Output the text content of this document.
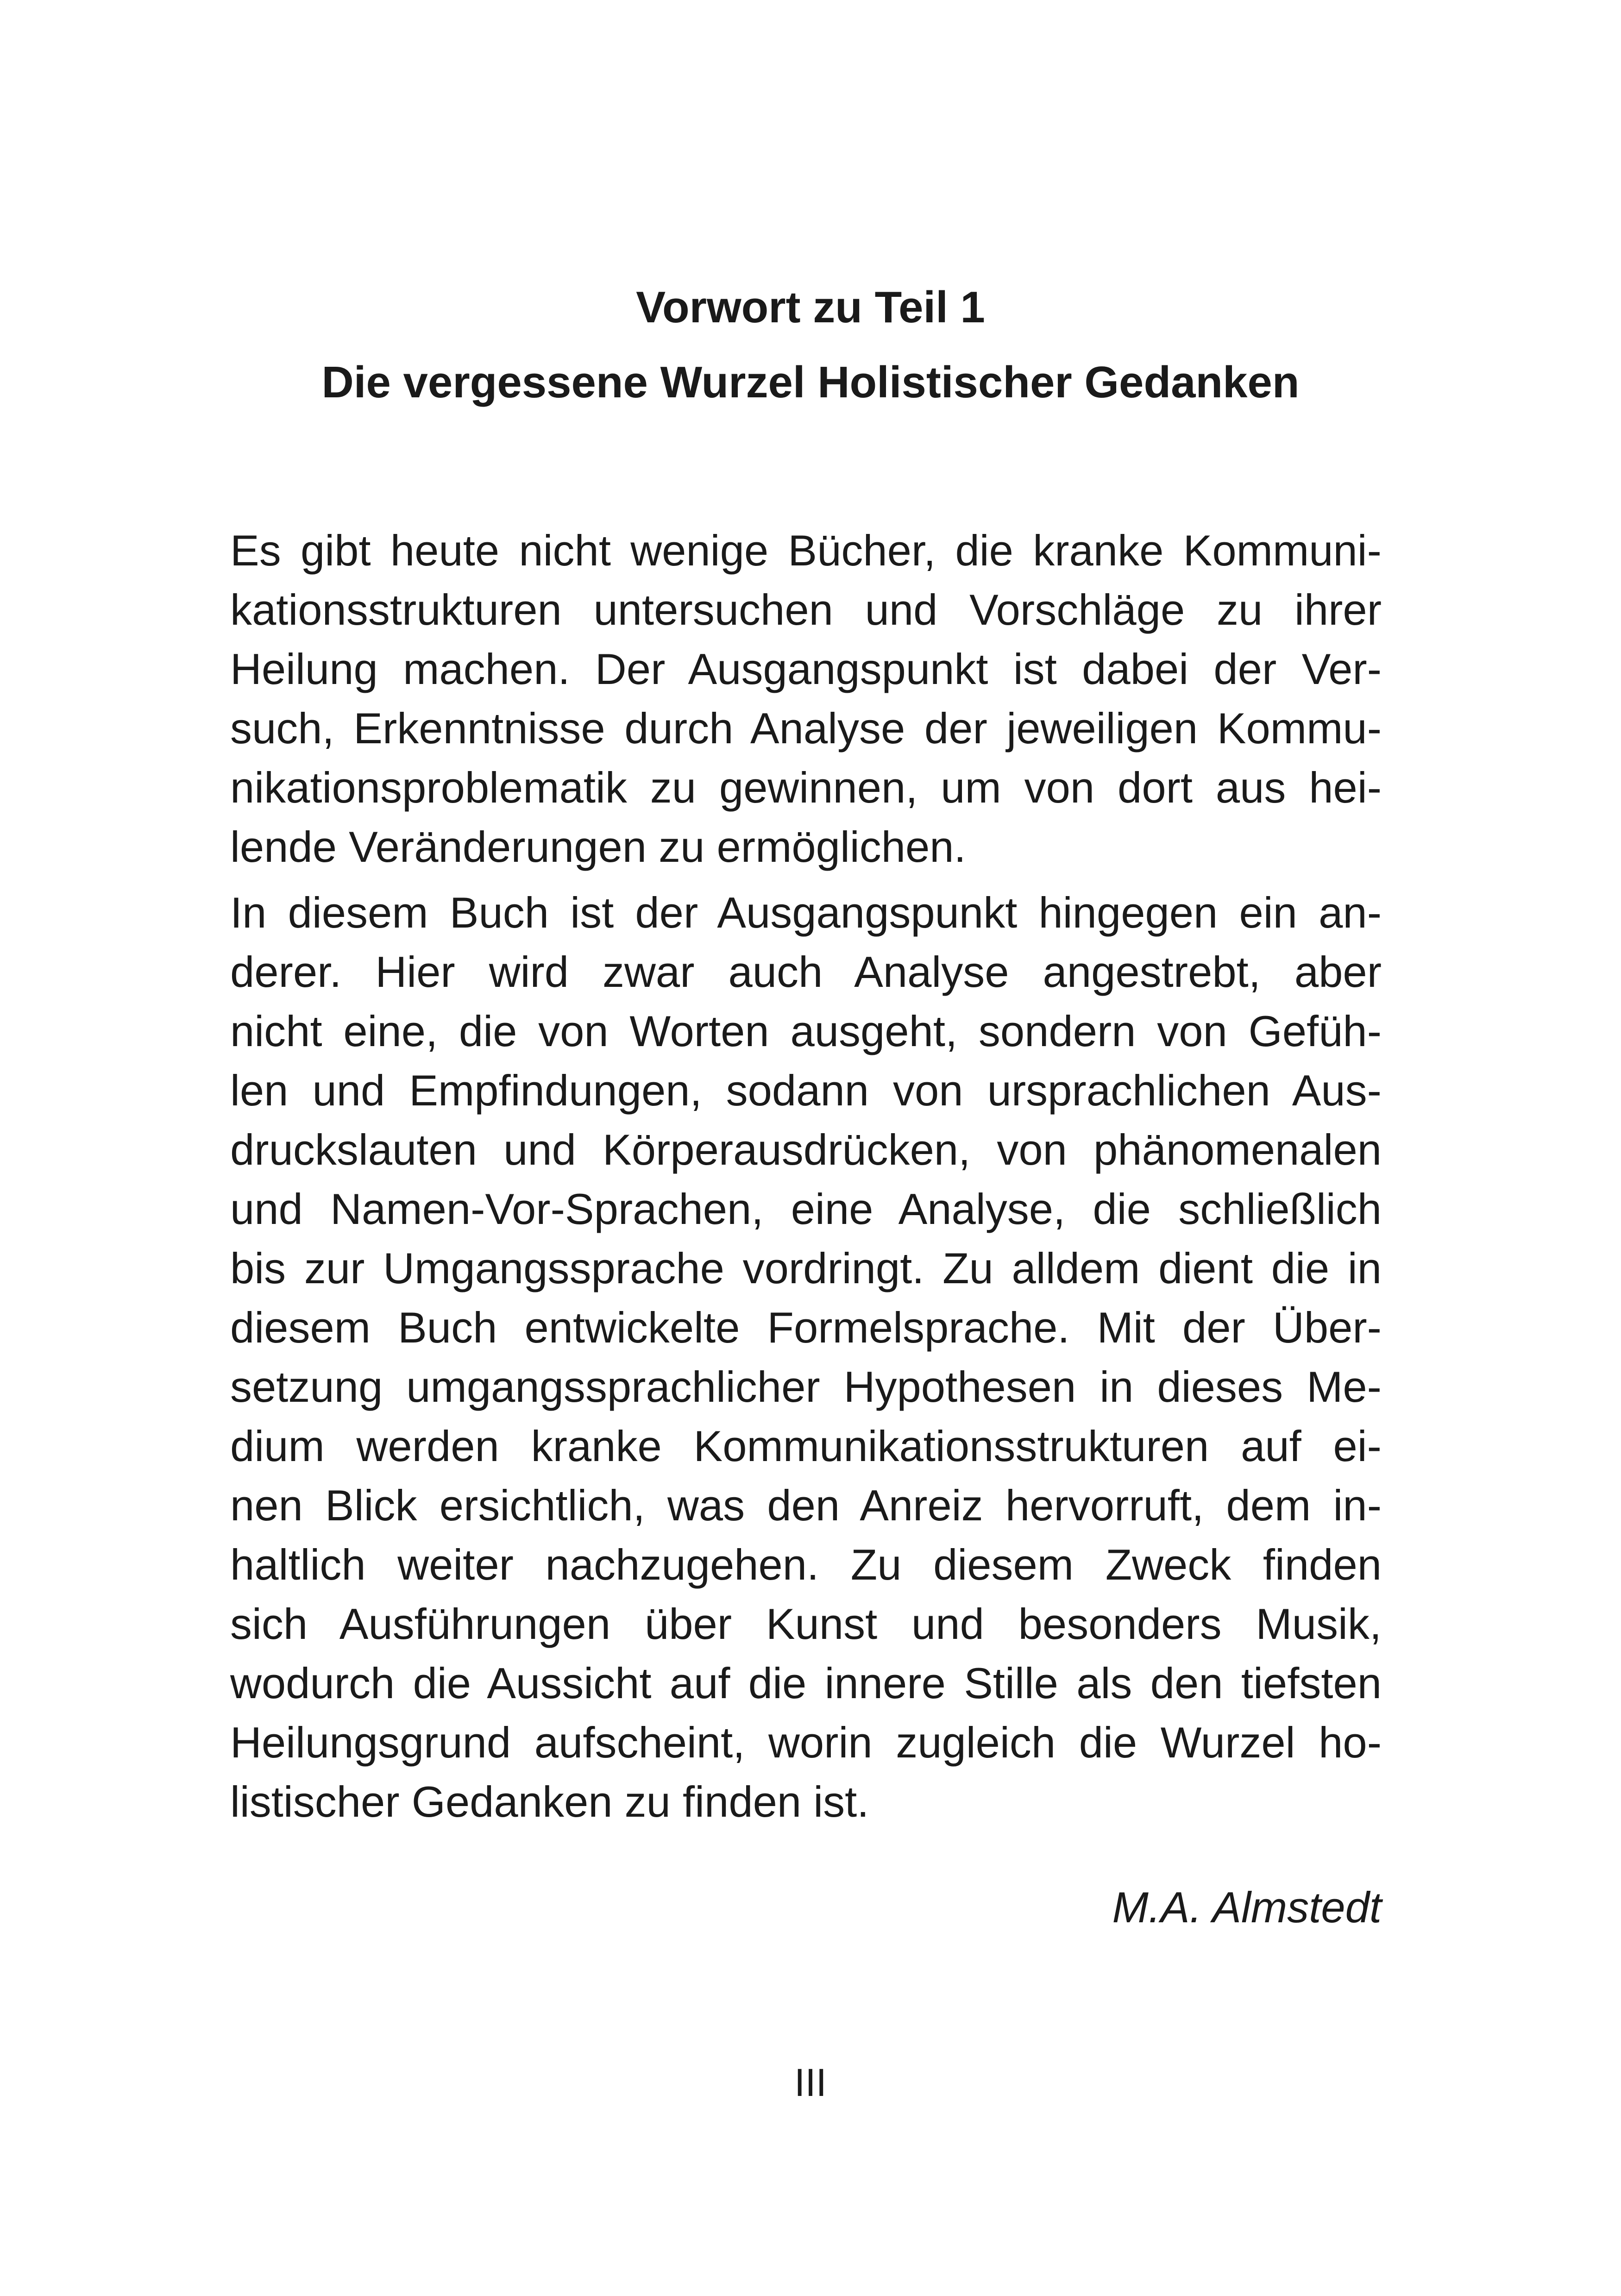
Vorwort zu Teil 1
Die vergessene Wurzel Holistischer Gedanken
Es gibt heute nicht wenige Bücher, die kranke Kommuni-
kationsstrukturen untersuchen und Vorschläge zu ihrer
Heilung machen. Der Ausgangspunkt ist dabei der Ver-
such, Erkenntnisse durch Analyse der jeweiligen Kommu-
nikationsproblematik zu gewinnen, um von dort aus hei-
lende Veränderungen zu ermöglichen.
In diesem Buch ist der Ausgangspunkt hingegen ein an-
derer. Hier wird zwar auch Analyse angestrebt, aber
nicht eine, die von Worten ausgeht, sondern von Gefüh-
len und Empfindungen, sodann von ursprachlichen Aus-
druckslauten und Körperausdrücken, von phänomenalen
und Namen-Vor-Sprachen, eine Analyse, die schließlich
bis zur Umgangssprache vordringt. Zu alldem dient die in
diesem Buch entwickelte Formelsprache. Mit der Über-
setzung umgangssprachlicher Hypothesen in dieses Me-
dium werden kranke Kommunikationsstrukturen auf ei-
nen Blick ersichtlich, was den Anreiz hervorruft, dem in-
haltlich weiter nachzugehen. Zu diesem Zweck finden
sich Ausführungen über Kunst und besonders Musik,
wodurch die Aussicht auf die innere Stille als den tiefsten
Heilungsgrund aufscheint, worin zugleich die Wurzel ho-
listischer Gedanken zu finden ist.
M.A. Almstedt
III
